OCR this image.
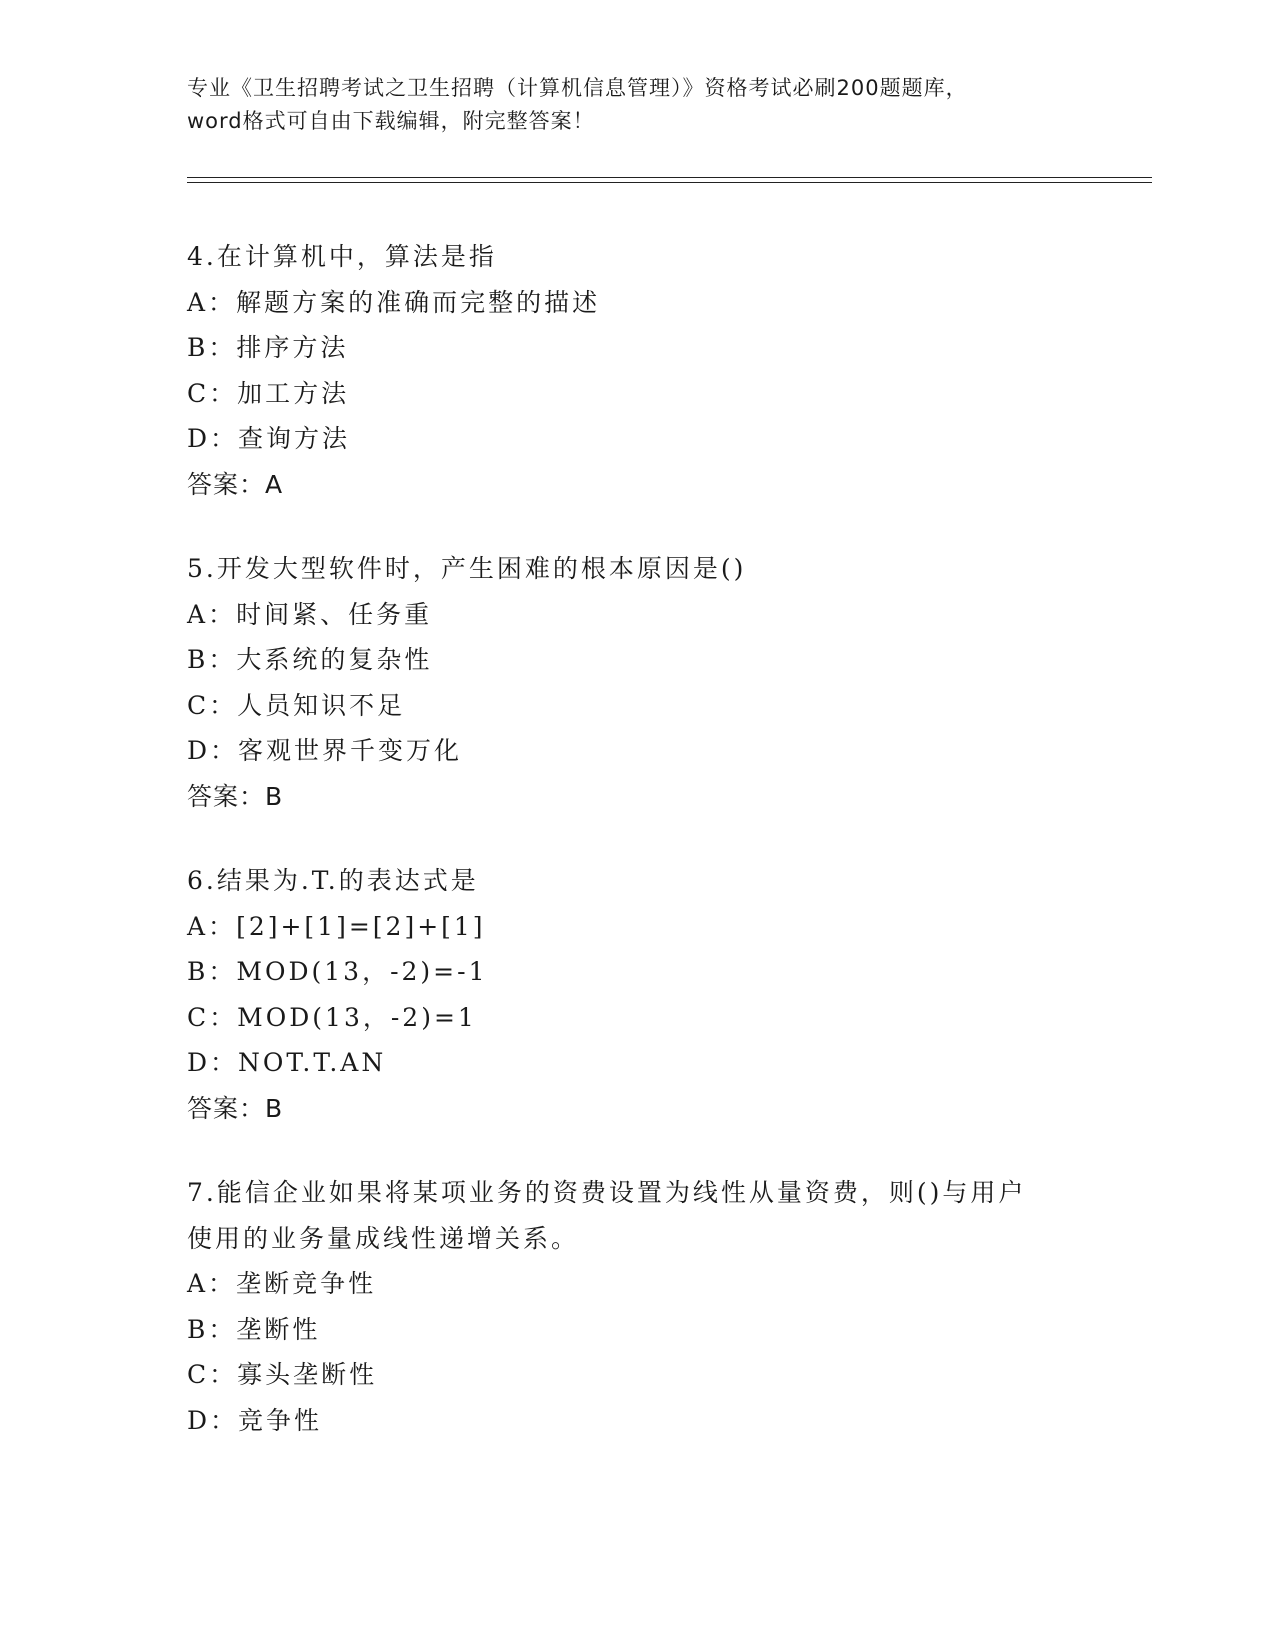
专业《卫生招聘考试之卫生招聘（计算机信息管理）》资格考试必刷200题题库，
word格式可自由下载编辑，附完整答案！
4.在计算机中，算法是指
A：解题方案的准确而完整的描述
B：排序方法
C：加工方法
D：查询方法
答案：A
5.开发大型软件时，产生困难的根本原因是()
A：时间紧、任务重
B：大系统的复杂性
C：人员知识不足
D：客观世界千变万化
答案：B
6.结果为.T.的表达式是
A：[2]+[1]=[2]+[1]
B：MOD(13，-2)=-1
C：MOD(13，-2)=1
D：NOT.T.AN
答案：B
7.能信企业如果将某项业务的资费设置为线性从量资费，则()与用户
使用的业务量成线性递增关系。
A：垄断竞争性
B：垄断性
C：寡头垄断性
D：竞争性
